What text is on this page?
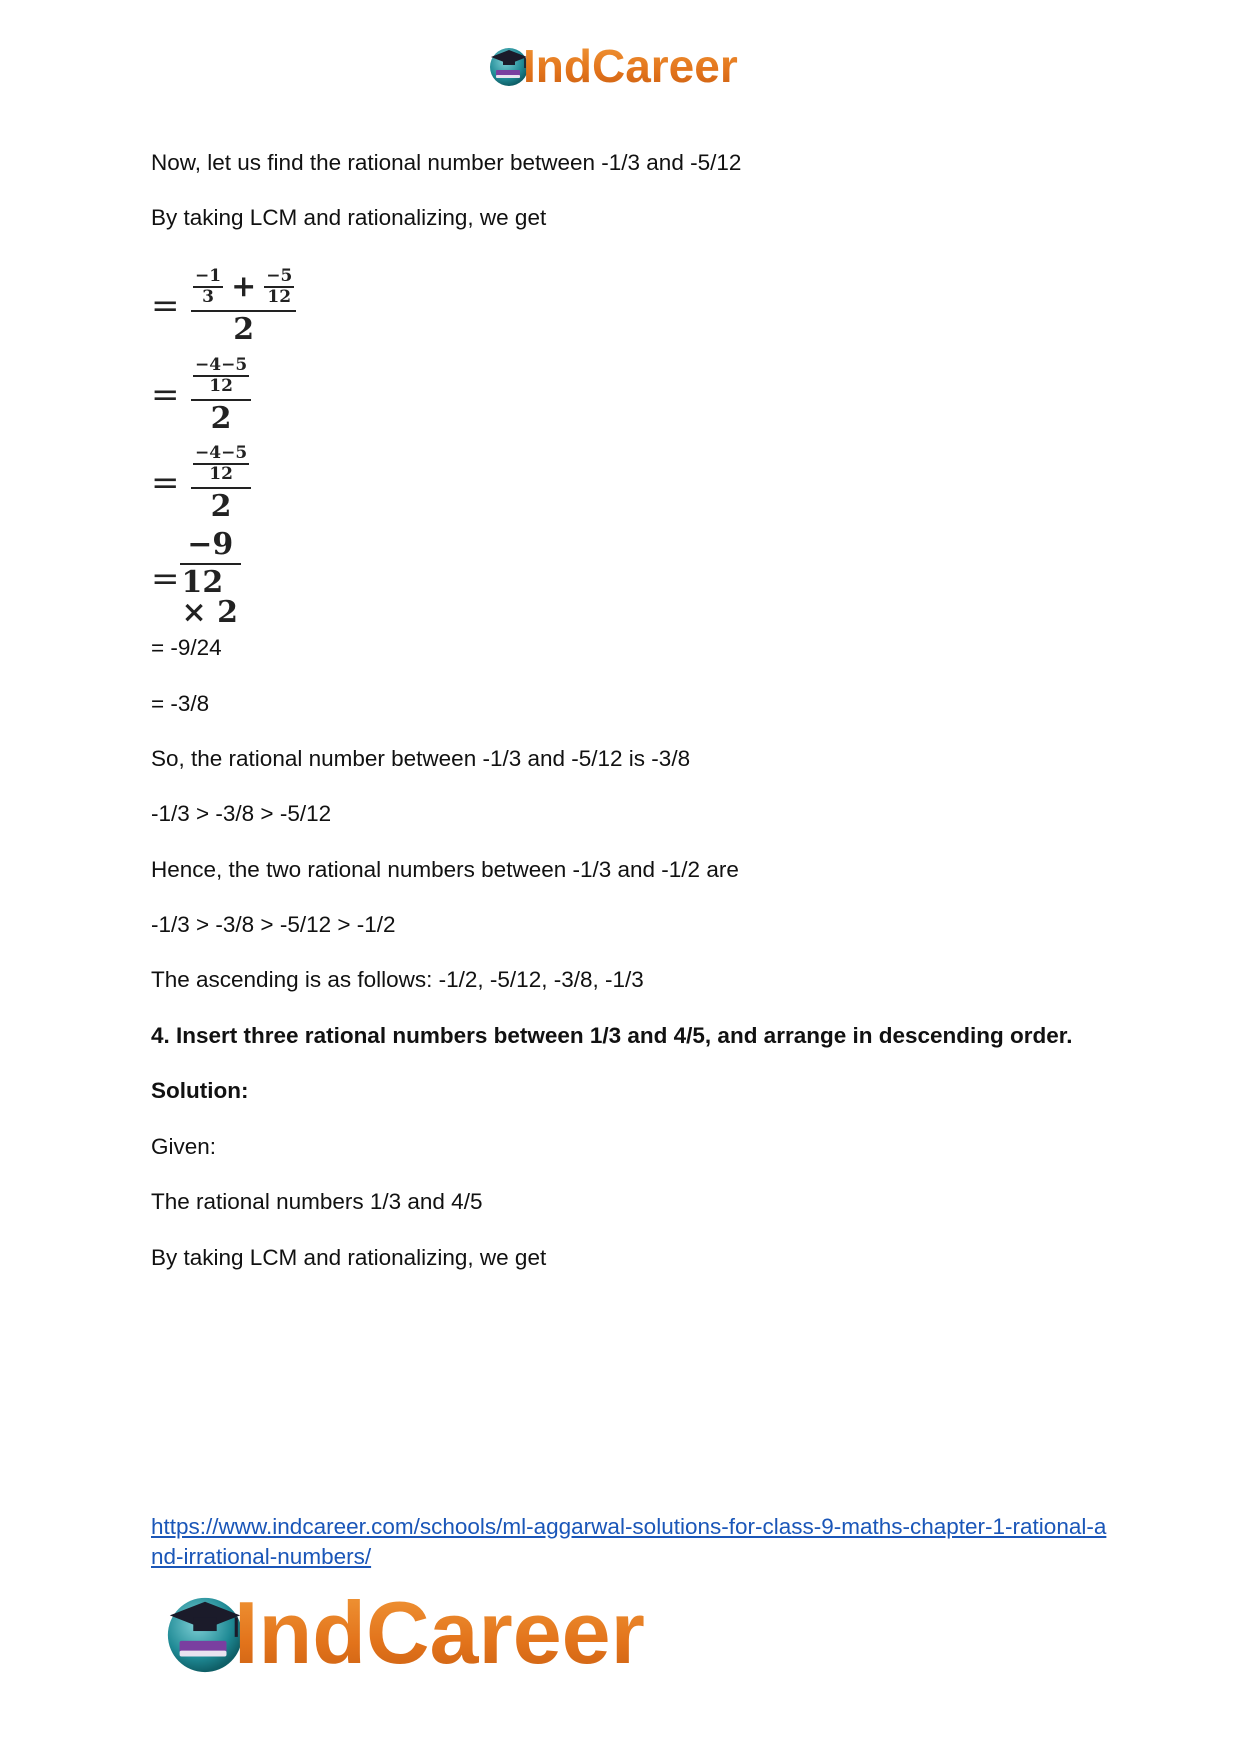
IndCareer
Now, let us find the rational number between -1/3 and -5/12
By taking LCM and rationalizing, we get
= $\frac{-1}{3} + \frac{-5}{12}$
2
= $\frac{\frac{-4-5}{12}}{2}$
= $\frac{\frac{-4-5}{12}}{2}$
= $\frac{-9}{12 \times 2}$
= -9/24
= -3/8
So, the rational number between -1/3 and -5/12 is -3/8
-1/3 > -3/8 > -5/12
Hence, the two rational numbers between -1/3 and -1/2 are
-1/3 > -3/8 > -5/12 > -1/2
The ascending is as follows: -1/2, -5/12, -3/8, -1/3
4. Insert three rational numbers between 1/3 and 4/5, and arrange in descending order.
Solution:
Given:
The rational numbers 1/3 and 4/5
By taking LCM and rationalizing, we get
https://www.indcareer.com/schools/ml-aggarwal-solutions-for-class-9-maths-chapter-1-rational-and-irrational-numbers/
IndCareer
